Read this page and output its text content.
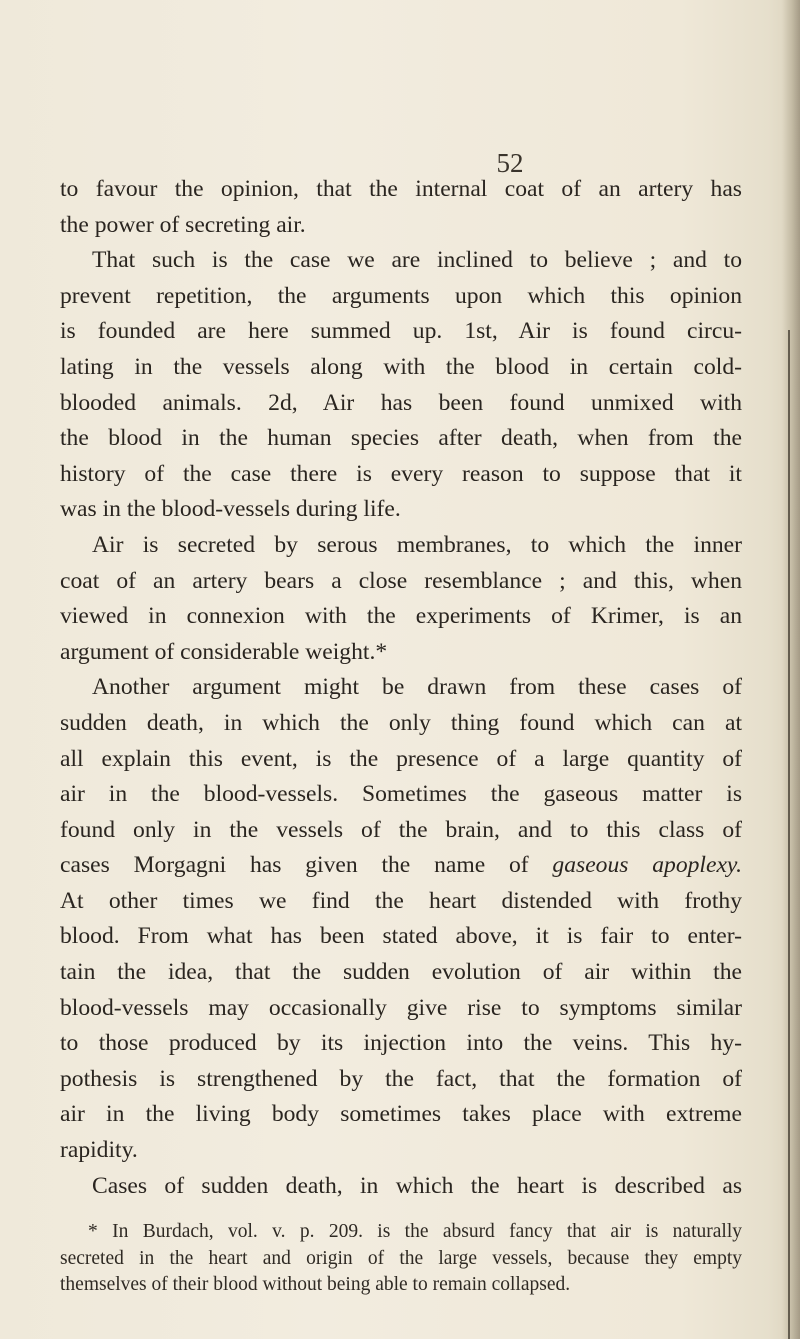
52
to favour the opinion, that the internal coat of an artery has
the power of secreting air.
That such is the case we are inclined to believe ; and to
prevent repetition, the arguments upon which this opinion
is founded are here summed up. 1st, Air is found circu-
lating in the vessels along with the blood in certain cold-
blooded animals. 2d, Air has been found unmixed with
the blood in the human species after death, when from the
history of the case there is every reason to suppose that it
was in the blood-vessels during life.
Air is secreted by serous membranes, to which the inner
coat of an artery bears a close resemblance ; and this, when
viewed in connexion with the experiments of Krimer, is an
argument of considerable weight.*
Another argument might be drawn from these cases of
sudden death, in which the only thing found which can at
all explain this event, is the presence of a large quantity of
air in the blood-vessels. Sometimes the gaseous matter is
found only in the vessels of the brain, and to this class of
cases Morgagni has given the name of gaseous apoplexy.
At other times we find the heart distended with frothy
blood. From what has been stated above, it is fair to enter-
tain the idea, that the sudden evolution of air within the
blood-vessels may occasionally give rise to symptoms similar
to those produced by its injection into the veins. This hy-
pothesis is strengthened by the fact, that the formation of
air in the living body sometimes takes place with extreme
rapidity.
Cases of sudden death, in which the heart is described as
* In Burdach, vol. v. p. 209. is the absurd fancy that air is naturally
secreted in the heart and origin of the large vessels, because they empty
themselves of their blood without being able to remain collapsed.
